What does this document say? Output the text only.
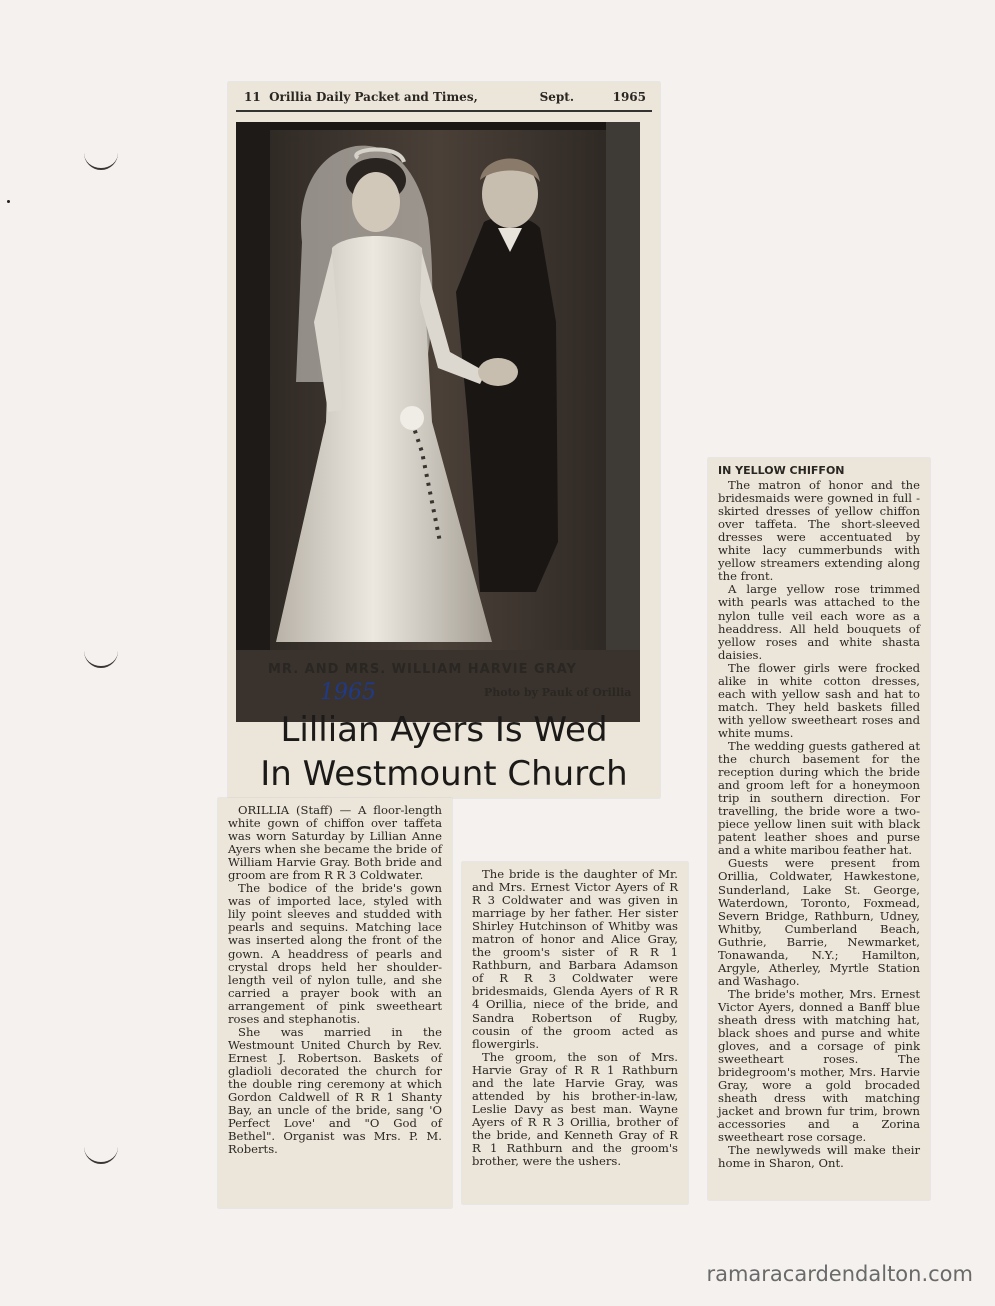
11 Orillia Daily Packet and Times,	Sept.	1965
MR. AND MRS. WILLIAM HARVIE GRAY
1965	Photo by Pauk of Orillia
Lillian Ayers Is Wed
In Westmount Church

ORILLIA (Staff) — A floor-length white gown of chiffon over taffeta was worn Saturday by Lillian Anne Ayers when she became the bride of William Harvie Gray. Both bride and groom are from R R 3 Coldwater.

The bodice of the bride's gown was of imported lace, styled with lily point sleeves and studded with pearls and sequins. Matching lace was inserted along the front of the gown. A headdress of pearls and crystal drops held her shoulder-length veil of nylon tulle, and she carried a prayer book with an arrangement of pink sweetheart roses and stephanotis.

She was married in the Westmount United Church by Rev. Ernest J. Robertson. Baskets of gladioli decorated the church for the double ring ceremony at which Gordon Caldwell of R R 1 Shanty Bay, an uncle of the bride, sang 'O Perfect Love' and "O God of Bethel". Organist was Mrs. P. M. Roberts.

The bride is the daughter of Mr. and Mrs. Ernest Victor Ayers of R R 3 Coldwater and was given in marriage by her father. Her sister Shirley Hutchinson of Whitby was matron of honor and Alice Gray, the groom's sister of R R 1 Rathburn, and Barbara Adamson of R R 3 Coldwater were bridesmaids, Glenda Ayers of R R 4 Orillia, niece of the bride, and Sandra Robertson of Rugby, cousin of the groom acted as flowergirls.

The groom, the son of Mrs. Harvie Gray of R R 1 Rathburn and the late Harvie Gray, was attended by his brother-in-law, Leslie Davy as best man. Wayne Ayers of R R 3 Orillia, brother of the bride, and Kenneth Gray of R R 1 Rathburn and the groom's brother, were the ushers.

IN YELLOW CHIFFON

The matron of honor and the bridesmaids were gowned in full - skirted dresses of yellow chiffon over taffeta. The short-sleeved dresses were accentuated by white lacy cummerbunds with yellow streamers extending along the front.

A large yellow rose trimmed with pearls was attached to the nylon tulle veil each wore as a headdress. All held bouquets of yellow roses and white shasta daisies.

The flower girls were frocked alike in white cotton dresses, each with yellow sash and hat to match. They held baskets filled with yellow sweetheart roses and white mums.

The wedding guests gathered at the church basement for the reception during which the bride and groom left for a honeymoon trip in southern direction. For travelling, the bride wore a two-piece yellow linen suit with black patent leather shoes and purse and a white maribou feather hat.

Guests were present from Orillia, Coldwater, Hawkestone, Sunderland, Lake St. George, Waterdown, Toronto, Foxmead, Severn Bridge, Rathburn, Udney, Whitby, Cumberland Beach, Guthrie, Barrie, Newmarket, Tonawanda, N.Y.; Hamilton, Argyle, Atherley, Myrtle Station and Washago.

The bride's mother, Mrs. Ernest Victor Ayers, donned a Banff blue sheath dress with matching hat, black shoes and purse and white gloves, and a corsage of pink sweetheart roses. The bridegroom's mother, Mrs. Harvie Gray, wore a gold brocaded sheath dress with matching jacket and brown fur trim, brown accessories and a Zorina sweetheart rose corsage.

The newlyweds will make their home in Sharon, Ont.

ramaracardendalton.com
